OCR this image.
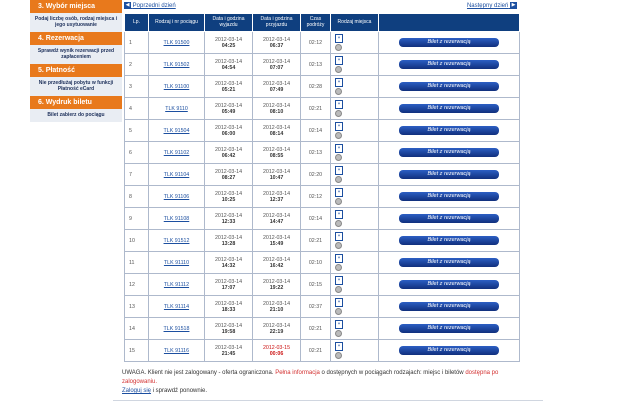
3. Wybór miejsca
Podaj liczbę osób, rodzaj miejsca i jego usytuowanie
4. Rezerwacja
Sprawdź wynik rezerwacji przed zapłaceniem
5. Płatność
Nie przedłużaj pobytu w funkcji Płatność eCard
6. Wydruk biletu
Bilet zabierz do pociągu
◀ Poprzedni dzień	Następny dzień ▶
Lp.	Rodzaj i nr pociągu	Data i godzina wyjazdu	Data i godzina przyjazdu	Czas podróży	Rodzaj miejsca	
1	TLK 91500	2012-03-14
04:25	2012-03-14
06:37	02:12	⑂	Bilet z rezerwacją
2	TLK 91502	2012-03-14
04:54	2012-03-14
07:07	02:13	⑂	Bilet z rezerwacją
3	TLK 91100	2012-03-14
05:21	2012-03-14
07:49	02:28	⑂	Bilet z rezerwacją
4	TLK 9110	2012-03-14
05:49	2012-03-14
08:10	02:21	⑂	Bilet z rezerwacją
5	TLK 91504	2012-03-14
06:00	2012-03-14
08:14	02:14	⑂	Bilet z rezerwacją
6	TLK 91102	2012-03-14
06:42	2012-03-14
08:55	02:13	⑂	Bilet z rezerwacją
7	TLK 91104	2012-03-14
08:27	2012-03-14
10:47	02:20	⑂	Bilet z rezerwacją
8	TLK 91106	2012-03-14
10:25	2012-03-14
12:37	02:12	⑂	Bilet z rezerwacją
9	TLK 91108	2012-03-14
12:33	2012-03-14
14:47	02:14	⑂	Bilet z rezerwacją
10	TLK 91512	2012-03-14
13:28	2012-03-14
15:49	02:21	⑂	Bilet z rezerwacją
11	TLK 91110	2012-03-14
14:32	2012-03-14
16:42	02:10	⑂	Bilet z rezerwacją
12	TLK 91112	2012-03-14
17:07	2012-03-14
19:22	02:15	⑂	Bilet z rezerwacją
13	TLK 91114	2012-03-14
18:33	2012-03-14
21:10	02:37	⑂	Bilet z rezerwacją
14	TLK 91518	2012-03-14
19:58	2012-03-14
22:19	02:21	⑂	Bilet z rezerwacją
15	TLK 91116	2012-03-14
21:45	2012-03-15
00:06	02:21	⑂	Bilet z rezerwacją
UWAGA. Klient nie jest zalogowany - oferta ograniczona. Pełna informacja o dostępnych w pociągach rodzajach: miejsc i biletów dostępna po zalogowaniu.
Zaloguj się i sprawdź ponownie.
